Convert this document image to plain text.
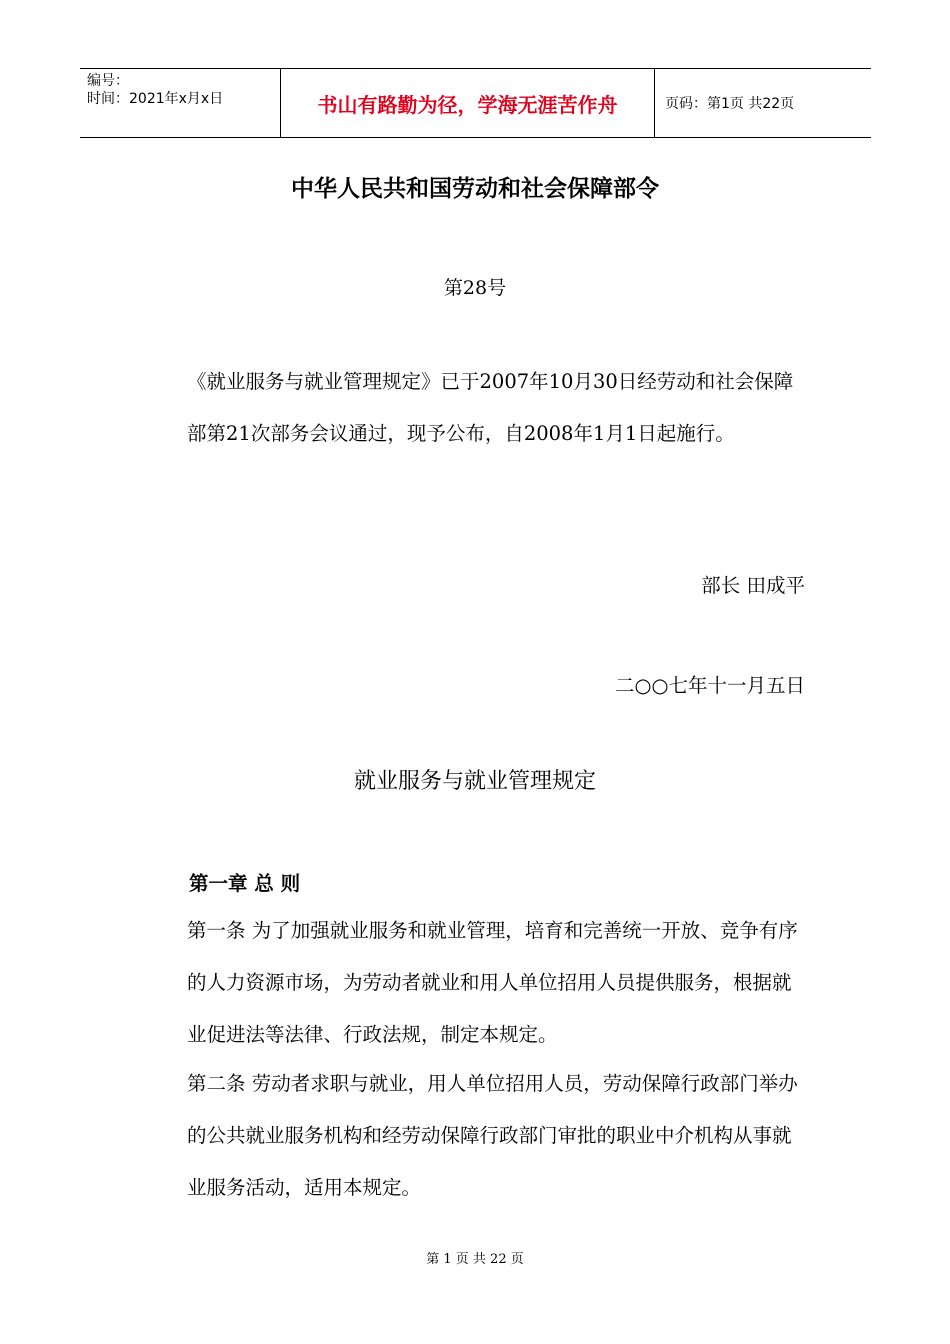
编号：
时间：2021年x月x日	书山有路勤为径，学海无涯苦作舟	页码：第1页 共22页
中华人民共和国劳动和社会保障部令
第28号
《就业服务与就业管理规定》已于2007年10月30日经劳动和社会保障部第21次部务会议通过，现予公布，自2008年1月1日起施行。
部长 田成平
二○○七年十一月五日
就业服务与就业管理规定
第一章 总 则
第一条 为了加强就业服务和就业管理，培育和完善统一开放、竞争有序的人力资源市场，为劳动者就业和用人单位招用人员提供服务，根据就业促进法等法律、行政法规，制定本规定。
第二条 劳动者求职与就业，用人单位招用人员，劳动保障行政部门举办的公共就业服务机构和经劳动保障行政部门审批的职业中介机构从事就业服务活动，适用本规定。
第 1 页 共 22 页
